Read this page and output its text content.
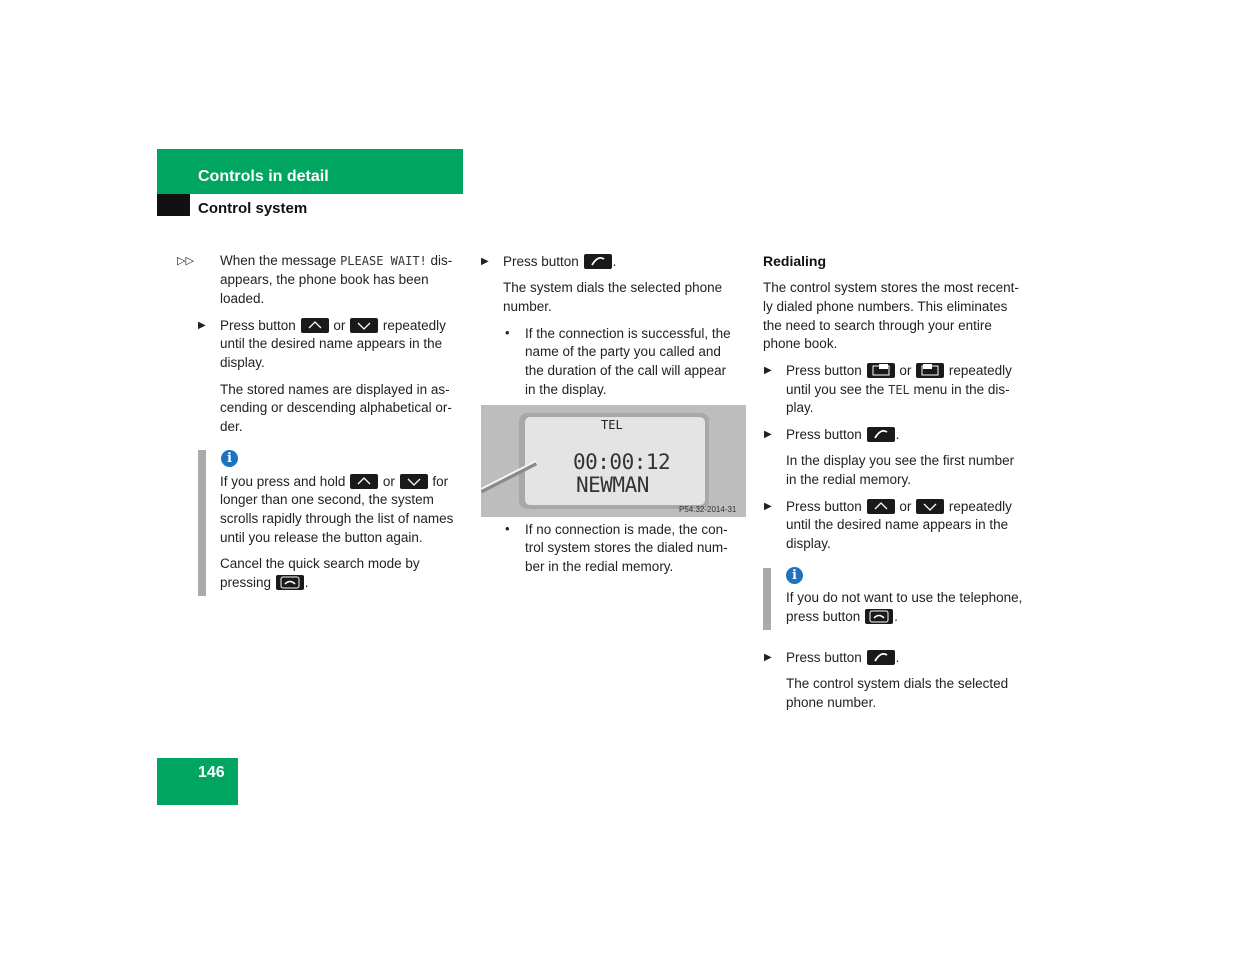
Controls in detail
Control system
▷▷ When the message PLEASE WAIT! dis-
appears, the phone book has been
loaded.
▶ Press button	or	repeatedly
until the desired name appears in the
display.
The stored names are displayed in as-
cending or descending alphabetical or-
der.
i
If you press and hold	or	for
longer than one second, the system
scrolls rapidly through the list of names
until you release the button again.
Cancel the quick search mode by
pressing	.
▶ Press button	.
The system dials the selected phone
number.
• If the connection is successful, the
name of the party you called and
the duration of the call will appear
in the display.
TEL
00:00:12
NEWMAN
P54.32-2014-31
• If no connection is made, the con-
trol system stores the dialed num-
ber in the redial memory.
Redialing
The control system stores the most recent-
ly dialed phone numbers. This eliminates
the need to search through your entire
phone book.
▶ Press button	or	repeatedly
until you see the TEL menu in the dis-
play.
▶ Press button	.
In the display you see the first number
in the redial memory.
▶ Press button	or	repeatedly
until the desired name appears in the
display.
i
If you do not want to use the telephone,
press button	.
▶ Press button	.
The control system dials the selected
phone number.
146
